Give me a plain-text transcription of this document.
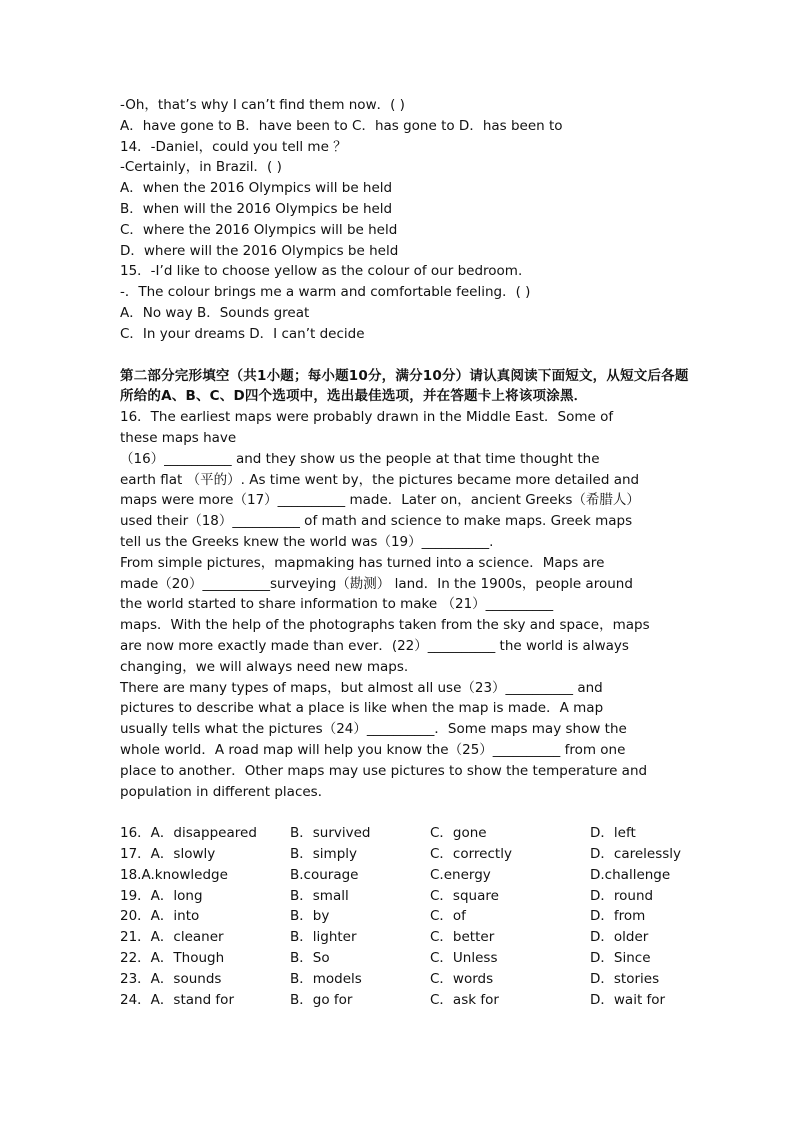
-Oh，that’s why I can’t find them now．( )
A．have gone to B．have been to C．has gone to D．has been to
14．-Daniel，could you tell me ？
-Certainly，in Brazil．( )
A．when the 2016 Olympics will be held
B．when will the 2016 Olympics be held
C．where the 2016 Olympics will be held
D．where will the 2016 Olympics be held
15．-I’d like to choose yellow as the colour of our bedroom.
-．The colour brings me a warm and comfortable feeling．( )
A．No way B．Sounds great
C．In your dreams D．I can’t decide
第二部分完形填空（共1小题；每小题10分，满分10分）请认真阅读下面短文，从短文后各题所给的A、B、C、D四个选项中，选出最佳选项，并在答题卡上将该项涂黑．
16．The earliest maps were probably drawn in the Middle East．Some of
these maps have
（16）__________ and they show us the people at that time thought the
earth flat （平的）. As time went by，the pictures became more detailed and
maps were more（17）__________ made．Later on，ancient Greeks（希腊人）
used their（18）__________ of math and science to make maps. Greek maps
tell us the Greeks knew the world was（19）__________.
From simple pictures，mapmaking has turned into a science．Maps are
made（20）__________surveying（勘测） land．In the 1900s，people around
the world started to share information to make （21）__________
maps．With the help of the photographs taken from the sky and space，maps
are now more exactly made than ever．(22）__________ the world is always
changing，we will always need new maps.
There are many types of maps，but almost all use（23）__________ and
pictures to describe what a place is like when the map is made．A map
usually tells what the pictures（24）__________．Some maps may show the
whole world．A road map will help you know the（25）__________ from one
place to another．Other maps may use pictures to show the temperature and
population in different places．
16．A．disappeared	B．survived	C．gone	D．left
17．A．slowly	B．simply	C．correctly	D．carelessly
18.A.knowledge	B.courage	C.energy	D.challenge
19．A．long	B．small	C．square	D．round
20．A．into	B．by	C．of	D．from
21．A．cleaner	B．lighter	C．better	D．older
22．A．Though	B．So	C．Unless	D．Since
23．A．sounds	B．models	C．words	D．stories
24．A．stand for	B．go for	C．ask for	D．wait for
